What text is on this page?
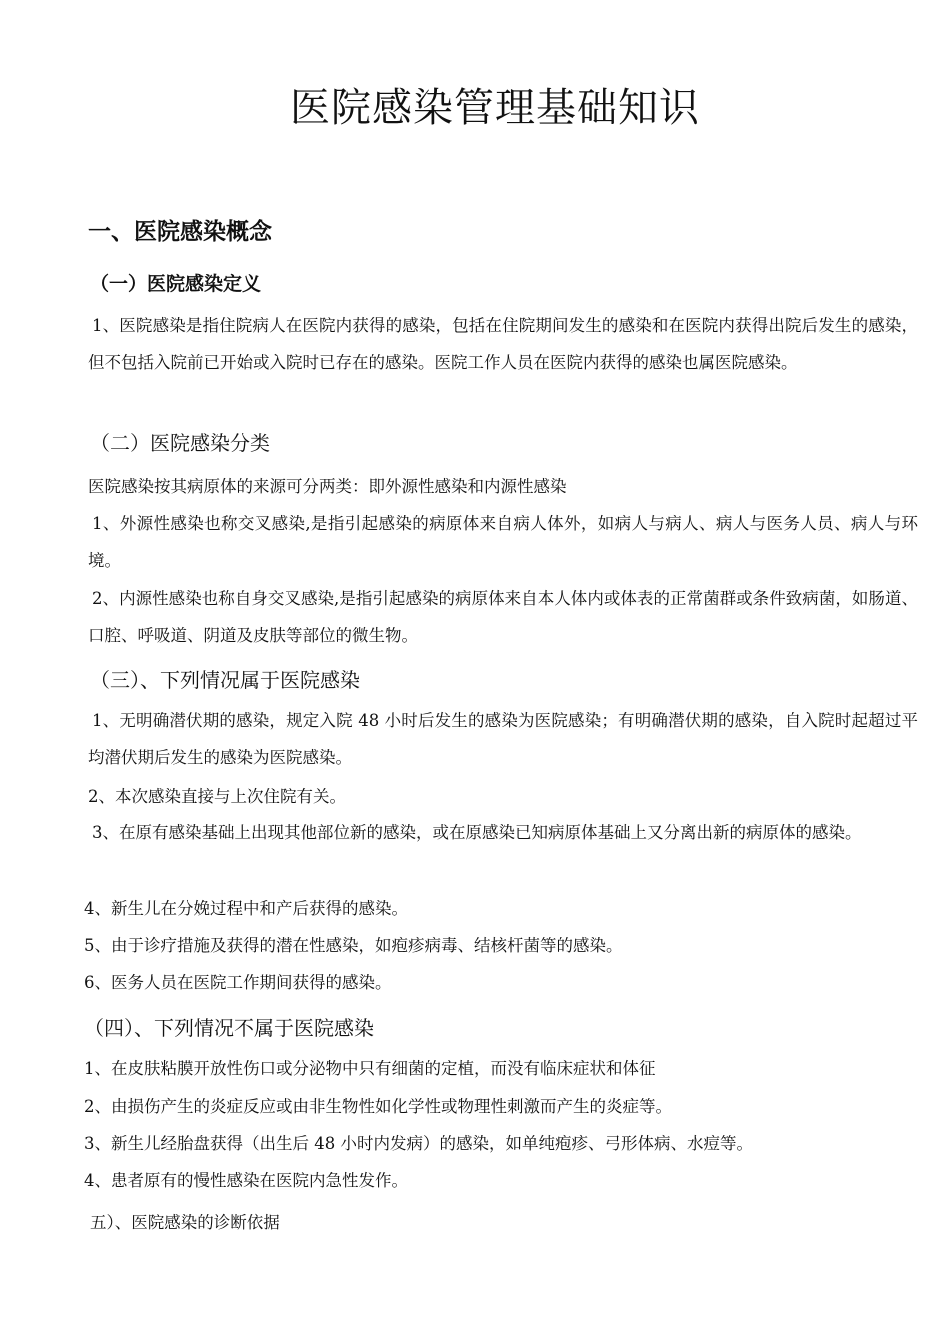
医院感染管理基础知识
一、医院感染概念
（一）医院感染定义
1、医院感染是指住院病人在医院内获得的感染，包括在住院期间发生的感染和在医院内获得出院后发生的感染，但不包括入院前已开始或入院时已存在的感染。医院工作人员在医院内获得的感染也属医院感染。
（二）医院感染分类
医院感染按其病原体的来源可分两类：即外源性感染和内源性感染
1、外源性感染也称交叉感染,是指引起感染的病原体来自病人体外，如病人与病人、病人与医务人员、病人与环境。
2、内源性感染也称自身交叉感染,是指引起感染的病原体来自本人体内或体表的正常菌群或条件致病菌，如肠道、口腔、呼吸道、阴道及皮肤等部位的微生物。
（三）、下列情况属于医院感染
1、无明确潜伏期的感染，规定入院 48 小时后发生的感染为医院感染；有明确潜伏期的感染，自入院时起超过平均潜伏期后发生的感染为医院感染。
2、本次感染直接与上次住院有关。
3、在原有感染基础上出现其他部位新的感染，或在原感染已知病原体基础上又分离出新的病原体的感染。
4、新生儿在分娩过程中和产后获得的感染。
5、由于诊疗措施及获得的潜在性感染，如疱疹病毒、结核杆菌等的感染。
6、医务人员在医院工作期间获得的感染。
（四）、下列情况不属于医院感染
1、在皮肤粘膜开放性伤口或分泌物中只有细菌的定植，而没有临床症状和体征
2、由损伤产生的炎症反应或由非生物性如化学性或物理性刺激而产生的炎症等。
3、新生儿经胎盘获得（出生后 48 小时内发病）的感染，如单纯疱疹、弓形体病、水痘等。
4、患者原有的慢性感染在医院内急性发作。
五）、医院感染的诊断依据
